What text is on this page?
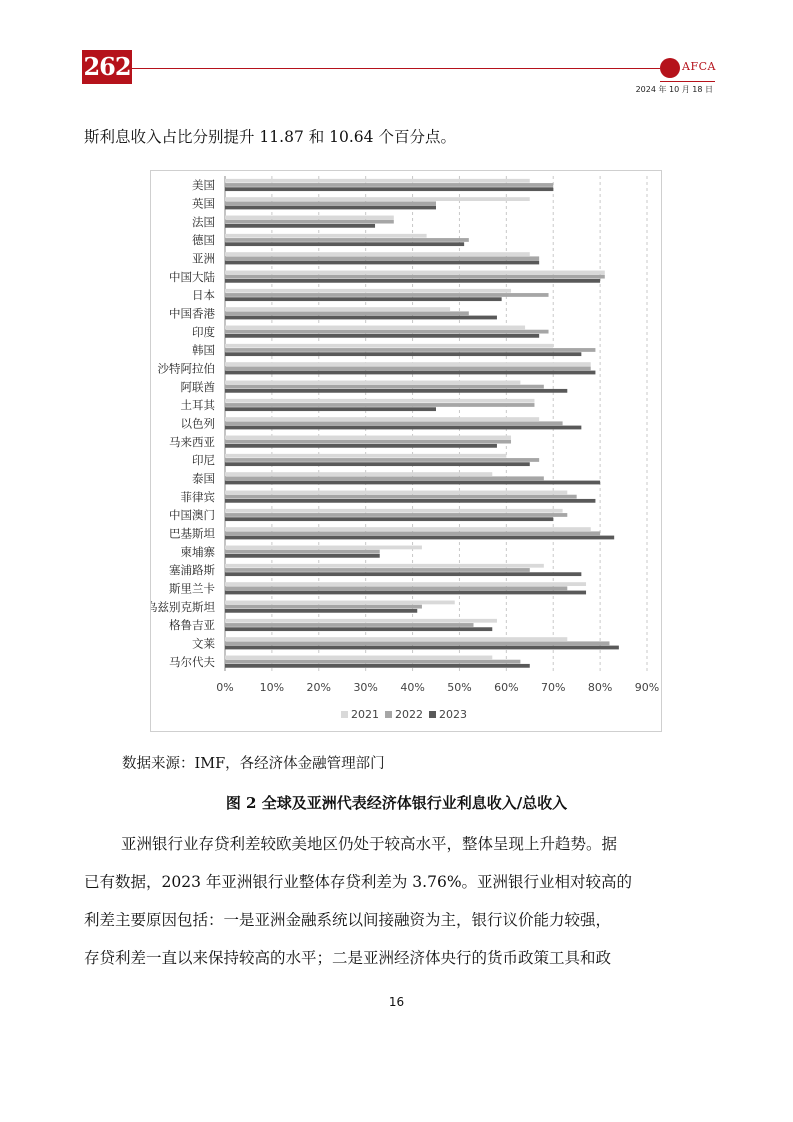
262	AFCA
2024 年 10 月 18 日
斯利息收入占比分别提升 11.87 和 10.64 个百分点。
0% 10% 20% 30% 40% 50% 60% 70% 80% 90%
美国
英国
法国
德国
亚洲
中国大陆
日本
中国香港
印度
韩国
沙特阿拉伯
阿联酋
土耳其
以色列
马来西亚
印尼
泰国
菲律宾
中国澳门
巴基斯坦
柬埔寨
塞浦路斯
斯里兰卡
乌兹别克斯坦
格鲁吉亚
文莱
马尔代夫
2021 2022 2023
数据来源：IMF，各经济体金融管理部门
图 2 全球及亚洲代表经济体银行业利息收入/总收入
亚洲银行业存贷利差较欧美地区仍处于较高水平，整体呈现上升趋势。据
已有数据，2023 年亚洲银行业整体存贷利差为 3.76%。亚洲银行业相对较高的
利差主要原因包括：一是亚洲金融系统以间接融资为主，银行议价能力较强，
存贷利差一直以来保持较高的水平；二是亚洲经济体央行的货币政策工具和政
16
